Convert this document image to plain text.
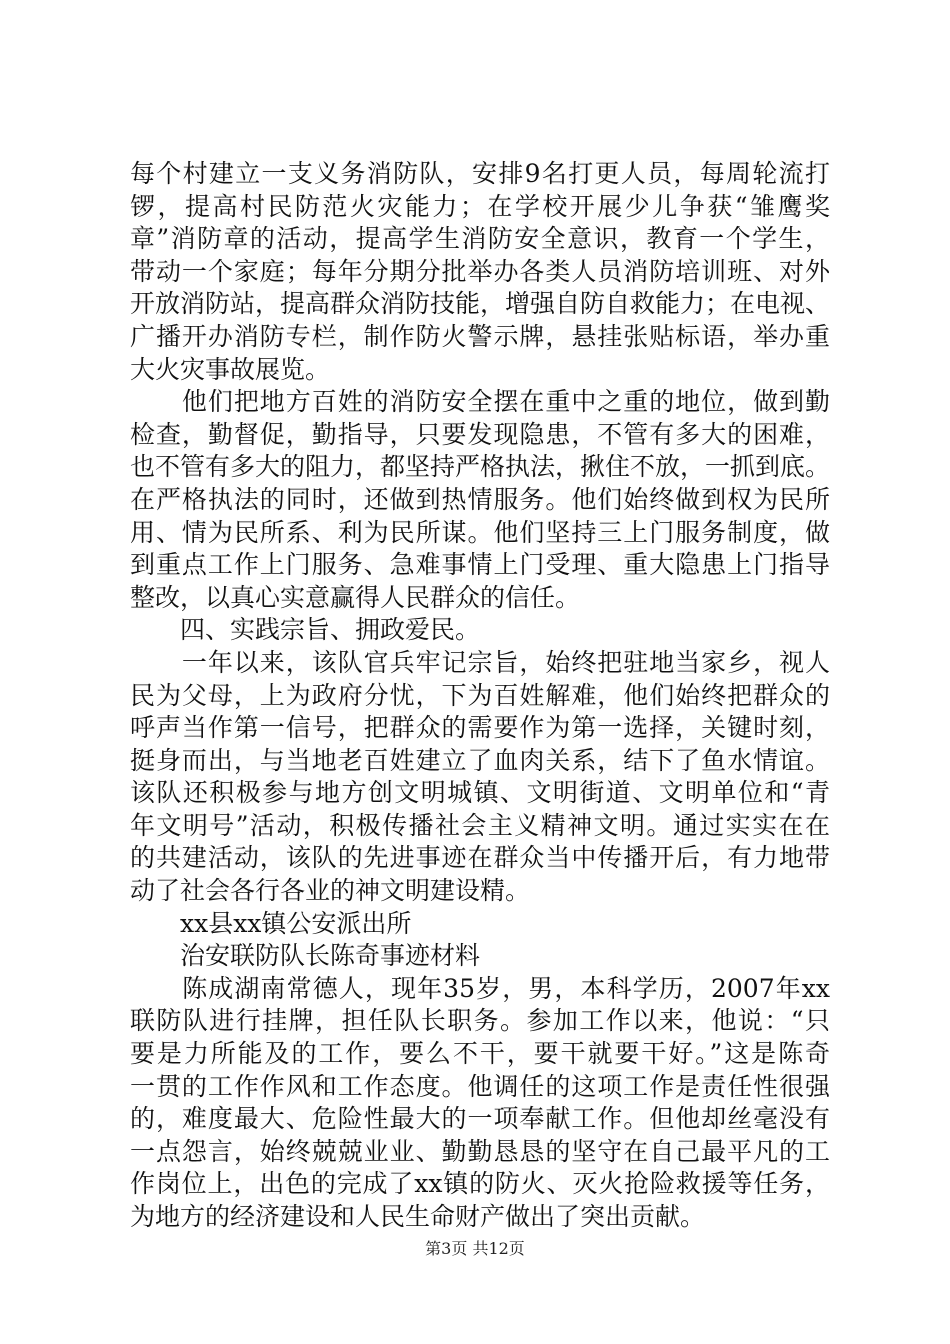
每个村建立一支义务消防队，安排9名打更人员，每周轮流打
锣，提高村民防范火灾能力；在学校开展少儿争获“雏鹰奖
章”消防章的活动，提高学生消防安全意识，教育一个学生，
带动一个家庭；每年分期分批举办各类人员消防培训班、对外
开放消防站，提高群众消防技能，增强自防自救能力；在电视、
广播开办消防专栏，制作防火警示牌，悬挂张贴标语，举办重
大火灾事故展览。
　　他们把地方百姓的消防安全摆在重中之重的地位，做到勤
检查，勤督促，勤指导，只要发现隐患，不管有多大的困难，
也不管有多大的阻力，都坚持严格执法，揪住不放，一抓到底。
在严格执法的同时，还做到热情服务。他们始终做到权为民所
用、情为民所系、利为民所谋。他们坚持三上门服务制度，做
到重点工作上门服务、急难事情上门受理、重大隐患上门指导
整改，以真心实意赢得人民群众的信任。
　　四、实践宗旨、拥政爱民。
　　一年以来，该队官兵牢记宗旨，始终把驻地当家乡，视人
民为父母，上为政府分忧，下为百姓解难，他们始终把群众的
呼声当作第一信号，把群众的需要作为第一选择，关键时刻，
挺身而出，与当地老百姓建立了血肉关系，结下了鱼水情谊。
该队还积极参与地方创文明城镇、文明街道、文明单位和“青
年文明号”活动，积极传播社会主义精神文明。通过实实在在
的共建活动，该队的先进事迹在群众当中传播开后，有力地带
动了社会各行各业的神文明建设精。
　　xx县xx镇公安派出所
　　治安联防队长陈奇事迹材料
　　陈成湖南常德人，现年35岁，男，本科学历，2007年xx
联防队进行挂牌，担任队长职务。参加工作以来，他说：“只
要是力所能及的工作，要么不干，要干就要干好。”这是陈奇
一贯的工作作风和工作态度。他调任的这项工作是责任性很强
的，难度最大、危险性最大的一项奉献工作。但他却丝毫没有
一点怨言，始终兢兢业业、勤勤恳恳的坚守在自己最平凡的工
作岗位上，出色的完成了xx镇的防火、灭火抢险救援等任务，
为地方的经济建设和人民生命财产做出了突出贡献。
第3页 共12页
